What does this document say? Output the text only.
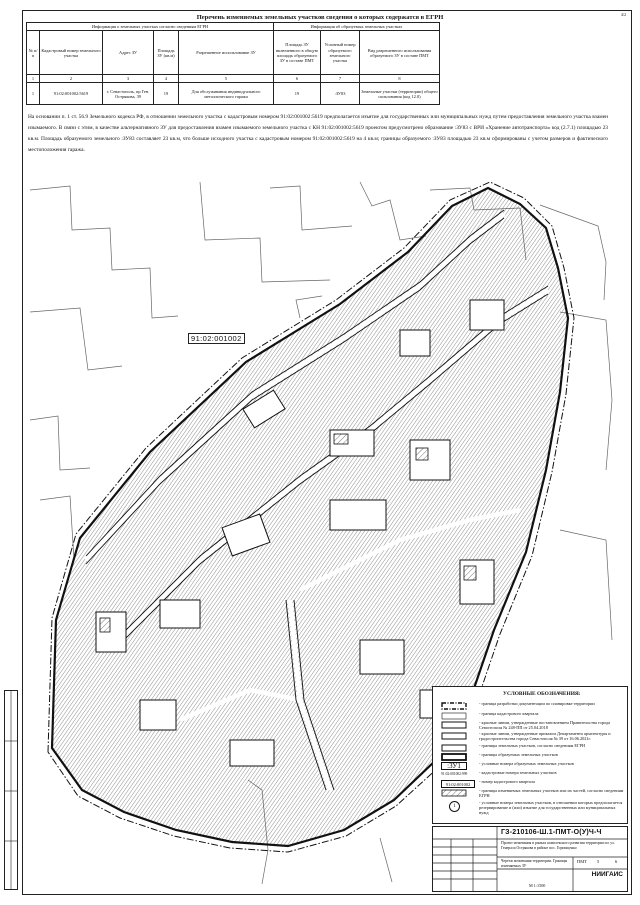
4/2
Перечень изменяемых земельных участков сведения о которых содержатся в ЕГРН
Информация о земельных участках согласно сведениям ЕГРН					Информация об образуемых земельных участках		
№ п/п	Кадастровый номер земельного участка	Адрес ЗУ	Площадь ЗУ (кв.м)	Разрешенное использование ЗУ	Площадь ЗУ включенного в общую площадь образуемого ЗУ в составе ПМТ	Условный номер образуемого земельного участка	Вид разрешенного использования образуемого ЗУ в составе ПМТ
1	2	3	4	5	6	7	8
1	91:02:001002:5619	г. Севастополь, пр Ген. Острякова, 39	19	Для обслуживания индивидуального металлического гаража	19	:ЗУ83	Земельные участки (территории) общего пользования (код 12.0)
На основании п. 1 ст. 56.9 Земельного кодекса РФ, в отношении земельного участка с кадастровым номером 91:02:001002:5619 предполагается изъятие для государственных или муниципальных нужд путем предоставления земельного участка взамен изымаемого. В связи с этим, в качестве альтернативного ЗУ для предоставления взамен изымаемого земельного участка с КН 91:02:001002:5619 проектом предусмотрено образование :ЗУ83 с ВРИ «Хранение автотранспорта» код (2.7.1) площадью 23 кв.м. Площадь образуемого земельного :ЗУ83 составляет 23 кв.м, что больше исходного участка с кадастровым номером 91:02:001002:5619 на 4 кв.м; границы образуемого :ЗУ83 площадью 23 кв.м сформированы с учетом размеров и фактического местоположения гаража.
91:02:001002
УСЛОВНЫЕ ОБОЗНАЧЕНИЯ:
- граница разработки документации по планировке территории
- граница кадастрового квартала
- красные линии, утвержденные постановлением Правительства города Севастополя № 248-ПП от 25.04.2018
- красные линии, утвержденные приказом Департамента архитектуры и градостроительства города Севастополя № 39 от 16.06.2021г.
- границы земельных участков, согласно сведениям ЕГРН
- границы образуемых земельных участков
:ЗУ1	- условные номера образуемых земельных участков
91:02:001002:999	- кадастровые номера земельных участков
91:02:001002
- номер кадастрового квартала
- границы изменяемых земельных участков или их частей, согласно сведениям ЕГРН
1
- условные номера земельных участков, в отношении которых предполагается резервирование и (или) изъятие для государственных или муниципальных нужд
ГЗ-210106-Ш.1-ПМТ-О(У)Ч-Ч
Проект межевания в рамках комплексного развития территории по ул. Генерала Острякова в районе пос. Горпищенко
Чертеж межевания территории. Границы изменяемых ЗУ
ПМТ 5	6
М 1:1500
НИИГАИС
